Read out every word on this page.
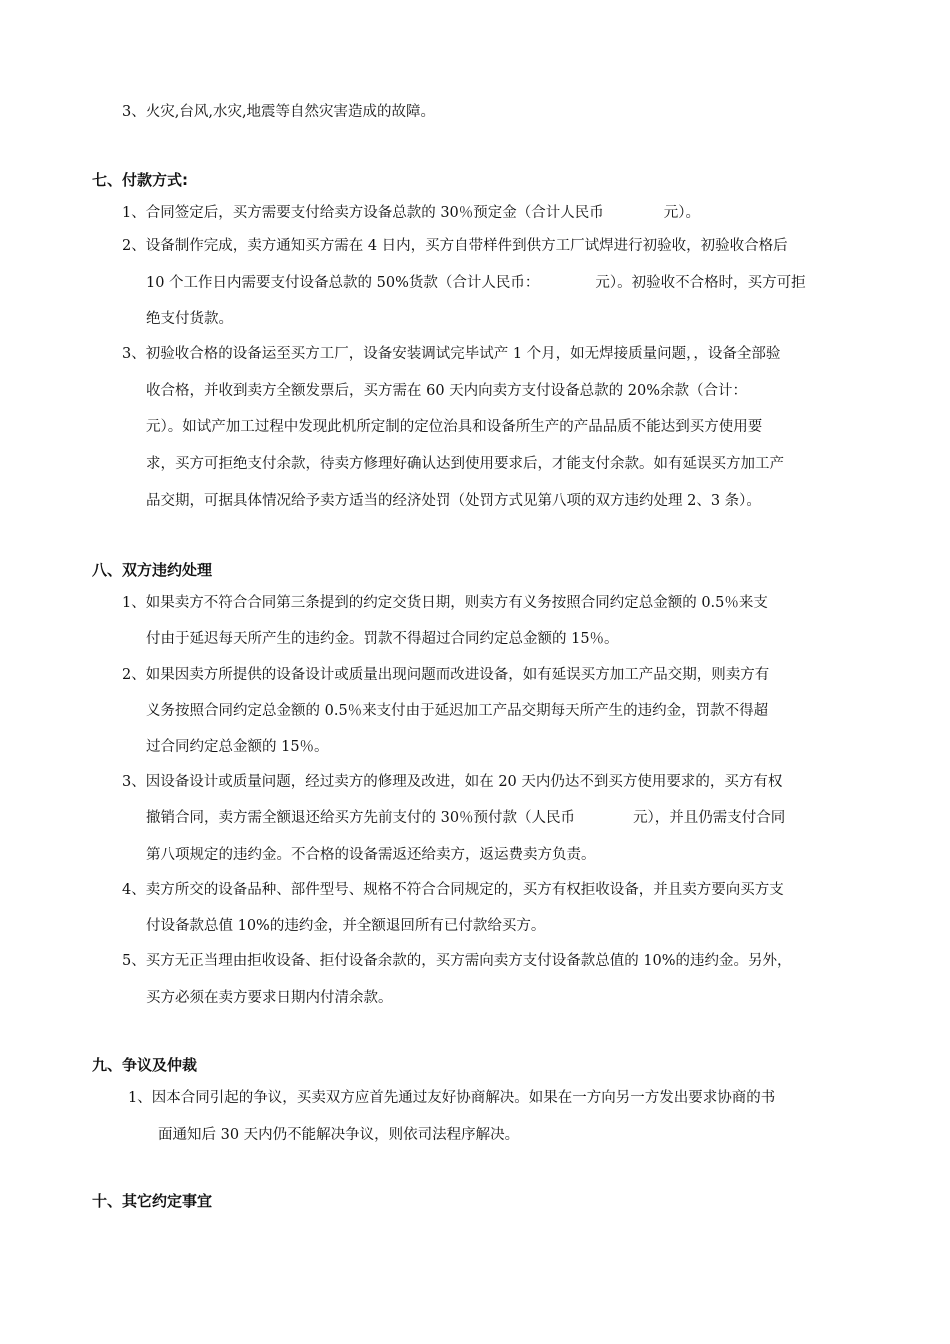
3、火灾,台风,水灾,地震等自然灾害造成的故障。
七、付款方式:
1、合同签定后，买方需要支付给卖方设备总款的 30％预定金（合计人民币	元）。
2、设备制作完成，卖方通知买方需在 4 日内，买方自带样件到供方工厂试焊进行初验收，初验收合格后
10 个工作日内需要支付设备总款的 50%货款（合计人民币：	元）。初验收不合格时，买方可拒
绝支付货款。
3、初验收合格的设备运至买方工厂，设备安装调试完毕试产 1 个月，如无焊接质量问题，，设备全部验
收合格，并收到卖方全额发票后，买方需在 60 天内向卖方支付设备总款的 20%余款（合计：
元）。如试产加工过程中发现此机所定制的定位治具和设备所生产的产品品质不能达到买方使用要
求，买方可拒绝支付余款，待卖方修理好确认达到使用要求后，才能支付余款。如有延误买方加工产
品交期，可据具体情况给予卖方适当的经济处罚（处罚方式见第八项的双方违约处理 2、3 条）。
八、双方违约处理
1、如果卖方不符合合同第三条提到的约定交货日期，则卖方有义务按照合同约定总金额的 0.5％来支
付由于延迟每天所产生的违约金。罚款不得超过合同约定总金额的 15％。
2、如果因卖方所提供的设备设计或质量出现问题而改进设备，如有延误买方加工产品交期，则卖方有
义务按照合同约定总金额的 0.5％来支付由于延迟加工产品交期每天所产生的违约金，罚款不得超
过合同约定总金额的 15％。
3、因设备设计或质量问题，经过卖方的修理及改进，如在 20 天内仍达不到买方使用要求的，买方有权
撤销合同，卖方需全额退还给买方先前支付的 30％预付款（人民币	元），并且仍需支付合同
第八项规定的违约金。不合格的设备需返还给卖方，返运费卖方负责。
4、卖方所交的设备品种、部件型号、规格不符合合同规定的，买方有权拒收设备，并且卖方要向买方支
付设备款总值 10%的违约金，并全额退回所有已付款给买方。
5、买方无正当理由拒收设备、拒付设备余款的，买方需向卖方支付设备款总值的 10%的违约金。另外，
买方必须在卖方要求日期内付清余款。
九、争议及仲裁
1、因本合同引起的争议，买卖双方应首先通过友好协商解决。如果在一方向另一方发出要求协商的书
面通知后 30 天内仍不能解决争议，则依司法程序解决。
十、其它约定事宜
